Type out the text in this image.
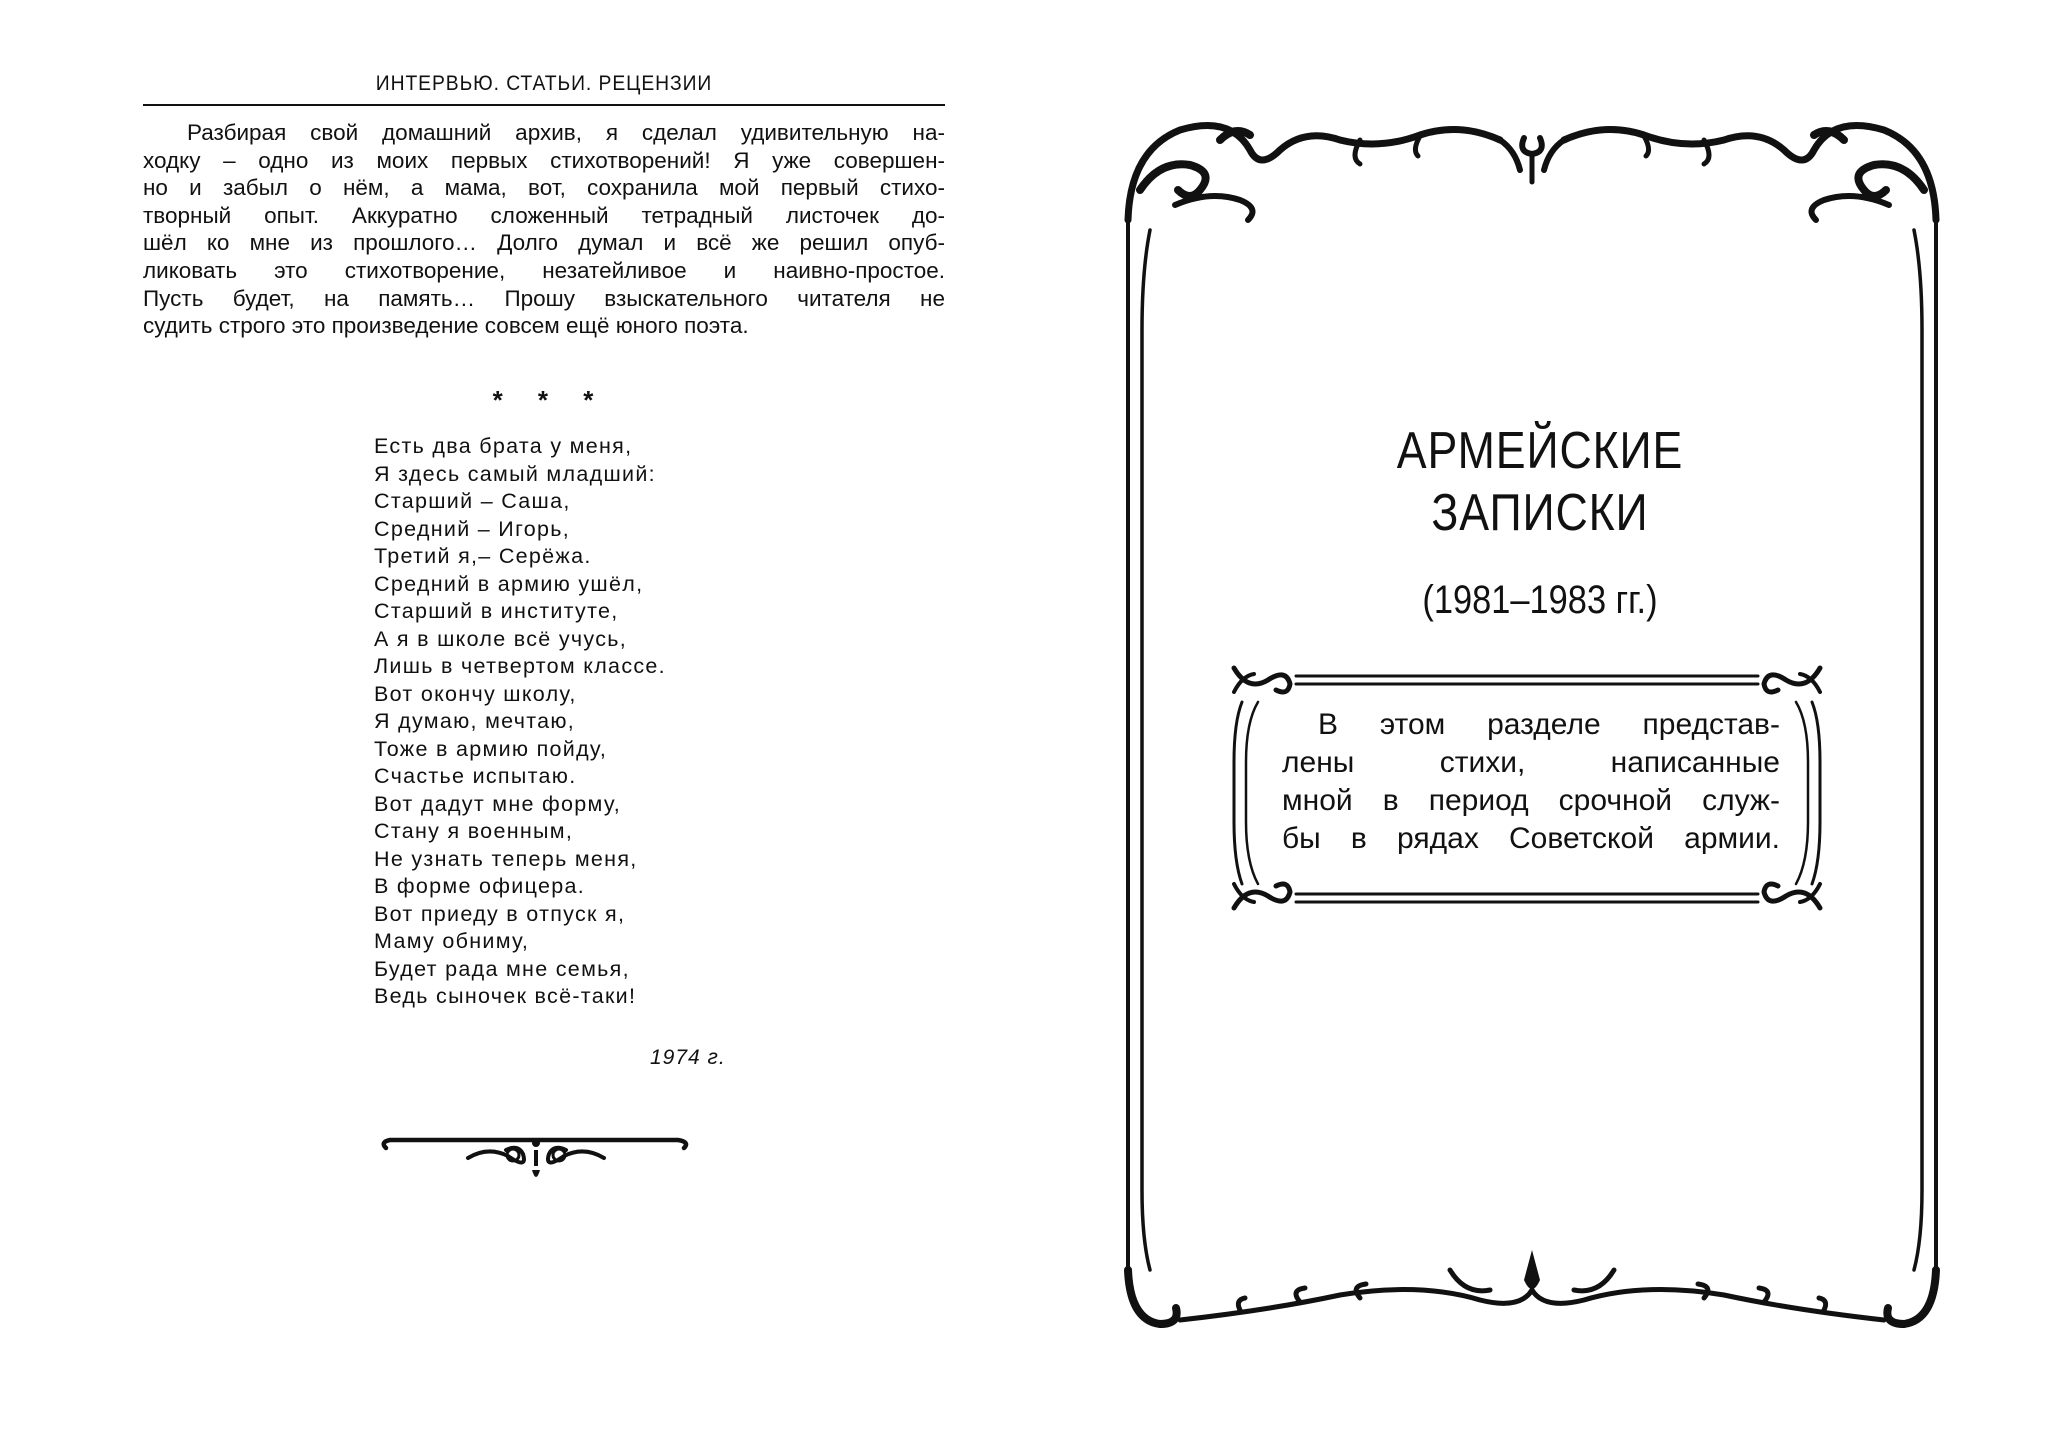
ИНТЕРВЬЮ. СТАТЬИ. РЕЦЕНЗИИ
Разбирая свой домашний архив, я сделал удивительную на-
ходку – одно из моих первых стихотворений! Я уже совершен-
но и забыл о нём, а мама, вот, сохранила мой первый стихо-
творный опыт. Аккуратно сложенный тетрадный листочек до-
шёл ко мне из прошлого… Долго думал и всё же решил опуб-
ликовать это стихотворение, незатейливое и наивно-простое.
Пусть будет, на память… Прошу взыскательного читателя не
судить строго это произведение совсем ещё юного поэта.
* * *
Есть два брата у меня,
Я здесь самый младший:
Старший – Саша,
Средний – Игорь,
Третий я,– Серёжа.
Средний в армию ушёл,
Старший в институте,
А я в школе всё учусь,
Лишь в четвертом классе.
Вот окончу школу,
Я думаю, мечтаю,
Тоже в армию пойду,
Счастье испытаю.
Вот дадут мне форму,
Стану я военным,
Не узнать теперь меня,
В форме офицера.
Вот приеду в отпуск я,
Маму обниму,
Будет рада мне семья,
Ведь сыночек всё-таки!
1974 г.
АРМЕЙСКИЕ
ЗАПИСКИ
(1981–1983 гг.)
В этом разделе представ-
лены стихи, написанные
мной в период срочной служ-
бы в рядах Советской армии.
